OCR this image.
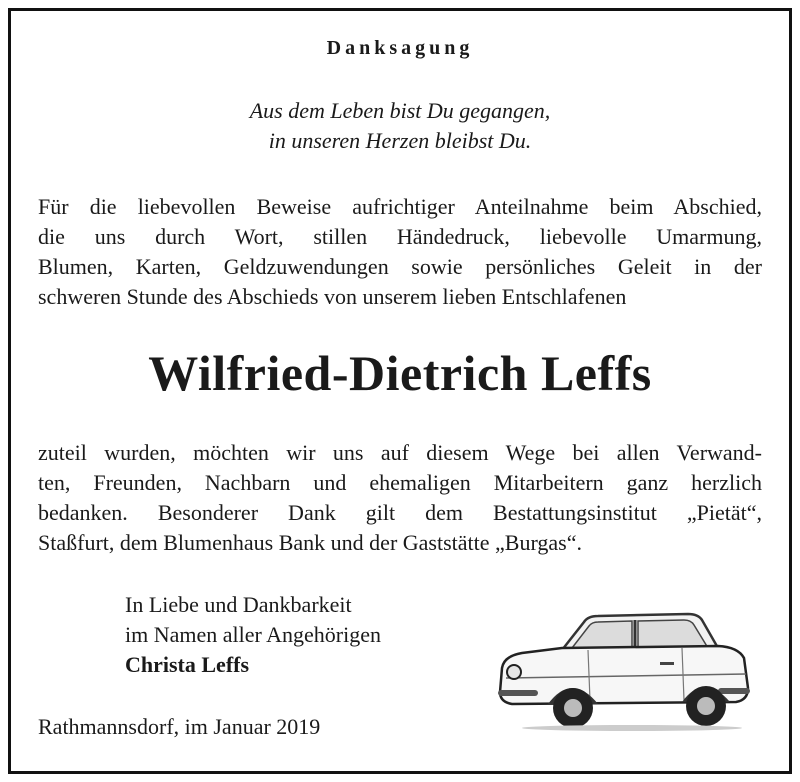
Danksagung
Aus dem Leben bist Du gegangen,
in unseren Herzen bleibst Du.
Für die liebevollen Beweise aufrichtiger Anteilnahme beim Abschied,
die uns durch Wort, stillen Händedruck, liebevolle Umarmung,
Blumen, Karten, Geldzuwendungen sowie persönliches Geleit in der
schweren Stunde des Abschieds von unserem lieben Entschlafenen
Wilfried-Dietrich Leffs
zuteil wurden, möchten wir uns auf diesem Wege bei allen Verwand-
ten, Freunden, Nachbarn und ehemaligen Mitarbeitern ganz herzlich
bedanken. Besonderer Dank gilt dem Bestattungsinstitut „Pietät“,
Staßfurt, dem Blumenhaus Bank und der Gaststätte „Burgas“.
In Liebe und Dankbarkeit
im Namen aller Angehörigen
Christa Leffs
Rathmannsdorf, im Januar 2019
